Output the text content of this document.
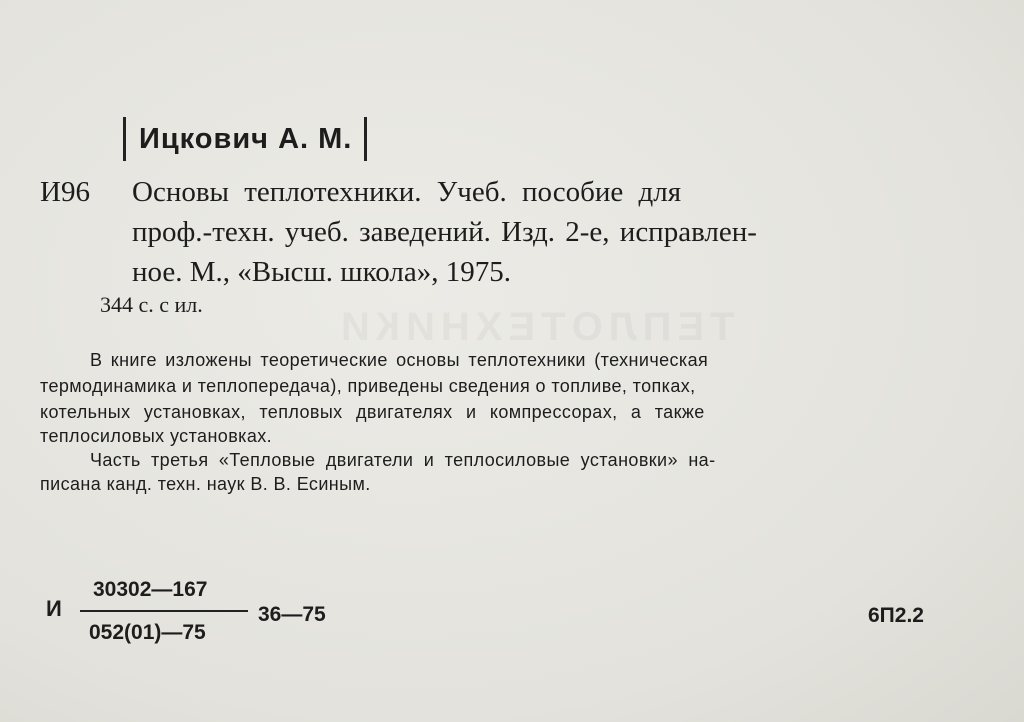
ТЕПЛОТЕХНИКИ
Ицкович А. М.
И96 Основы теплотехники. Учеб. пособие для
проф.-техн. учеб. заведений. Изд. 2-е, исправлен-
ное. М., «Высш. школа», 1975.
344 с. с ил.
В книге изложены теоретические основы теплотехники (техническая
термодинамика и теплопередача), приведены сведения о топливе, топках,
котельных установках, тепловых двигателях и компрессорах, а также
теплосиловых установках.
Часть третья «Тепловые двигатели и теплосиловые установки» на-
писана канд. техн. наук В. В. Есиным.
И
30302—167
052(01)—75
36—75	6П2.2
